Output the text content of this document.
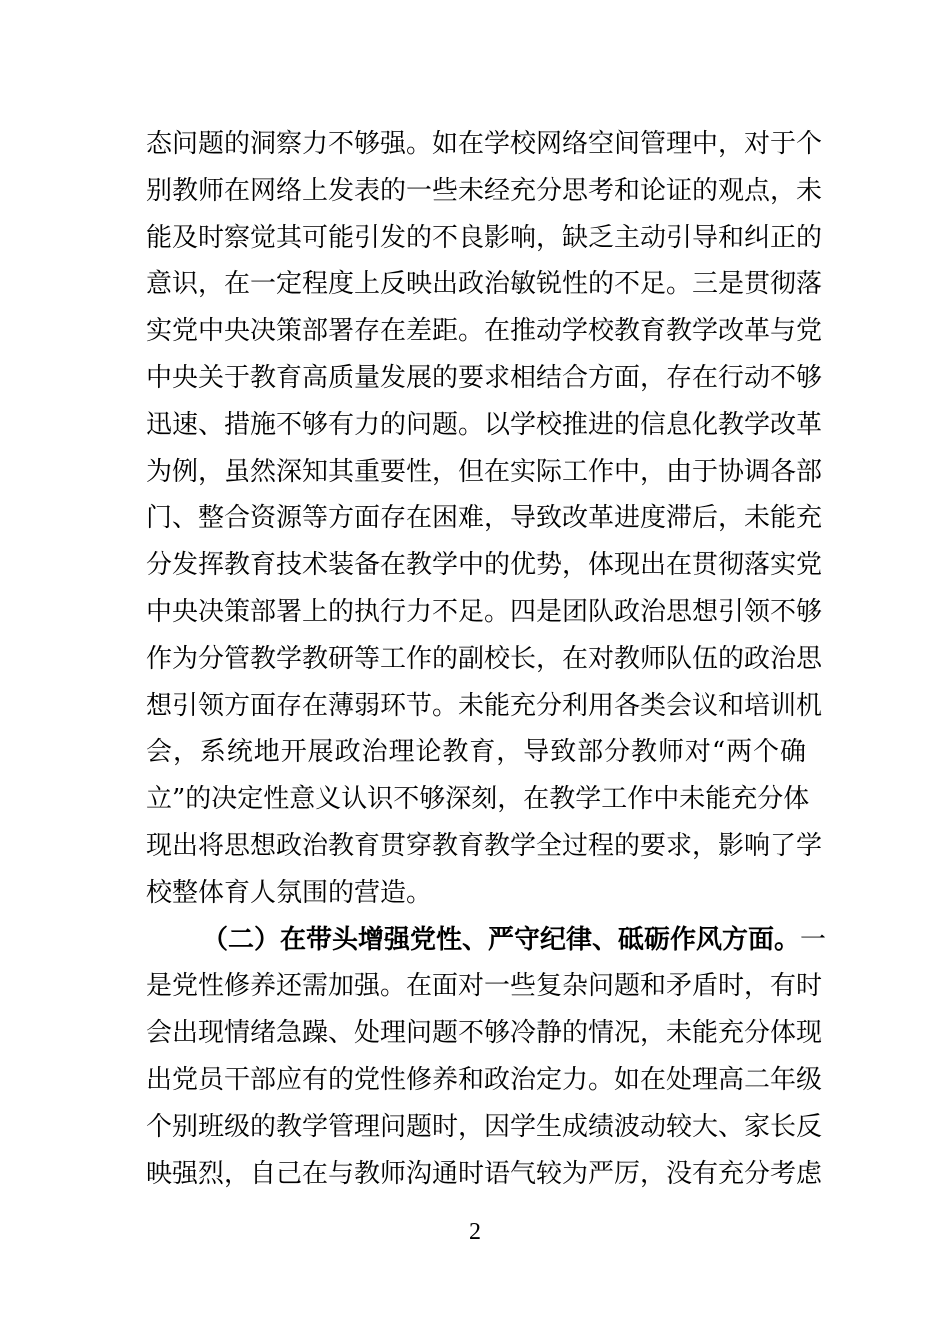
态问题的洞察力不够强。如在学校网络空间管理中，对于个
别教师在网络上发表的一些未经充分思考和论证的观点，未
能及时察觉其可能引发的不良影响，缺乏主动引导和纠正的
意识，在一定程度上反映出政治敏锐性的不足。三是贯彻落
实党中央决策部署存在差距。在推动学校教育教学改革与党
中央关于教育高质量发展的要求相结合方面，存在行动不够
迅速、措施不够有力的问题。以学校推进的信息化教学改革
为例，虽然深知其重要性，但在实际工作中，由于协调各部
门、整合资源等方面存在困难，导致改革进度滞后，未能充
分发挥教育技术装备在教学中的优势，体现出在贯彻落实党
中央决策部署上的执行力不足。四是团队政治思想引领不够
作为分管教学教研等工作的副校长，在对教师队伍的政治思
想引领方面存在薄弱环节。未能充分利用各类会议和培训机
会，系统地开展政治理论教育，导致部分教师对“两个确
立”的决定性意义认识不够深刻，在教学工作中未能充分体
现出将思想政治教育贯穿教育教学全过程的要求，影响了学
校整体育人氛围的营造。
（二）在带头增强党性、严守纪律、砥砺作风方面。一
是党性修养还需加强。在面对一些复杂问题和矛盾时，有时
会出现情绪急躁、处理问题不够冷静的情况，未能充分体现
出党员干部应有的党性修养和政治定力。如在处理高二年级
个别班级的教学管理问题时，因学生成绩波动较大、家长反
映强烈，自己在与教师沟通时语气较为严厉，没有充分考虑
2
